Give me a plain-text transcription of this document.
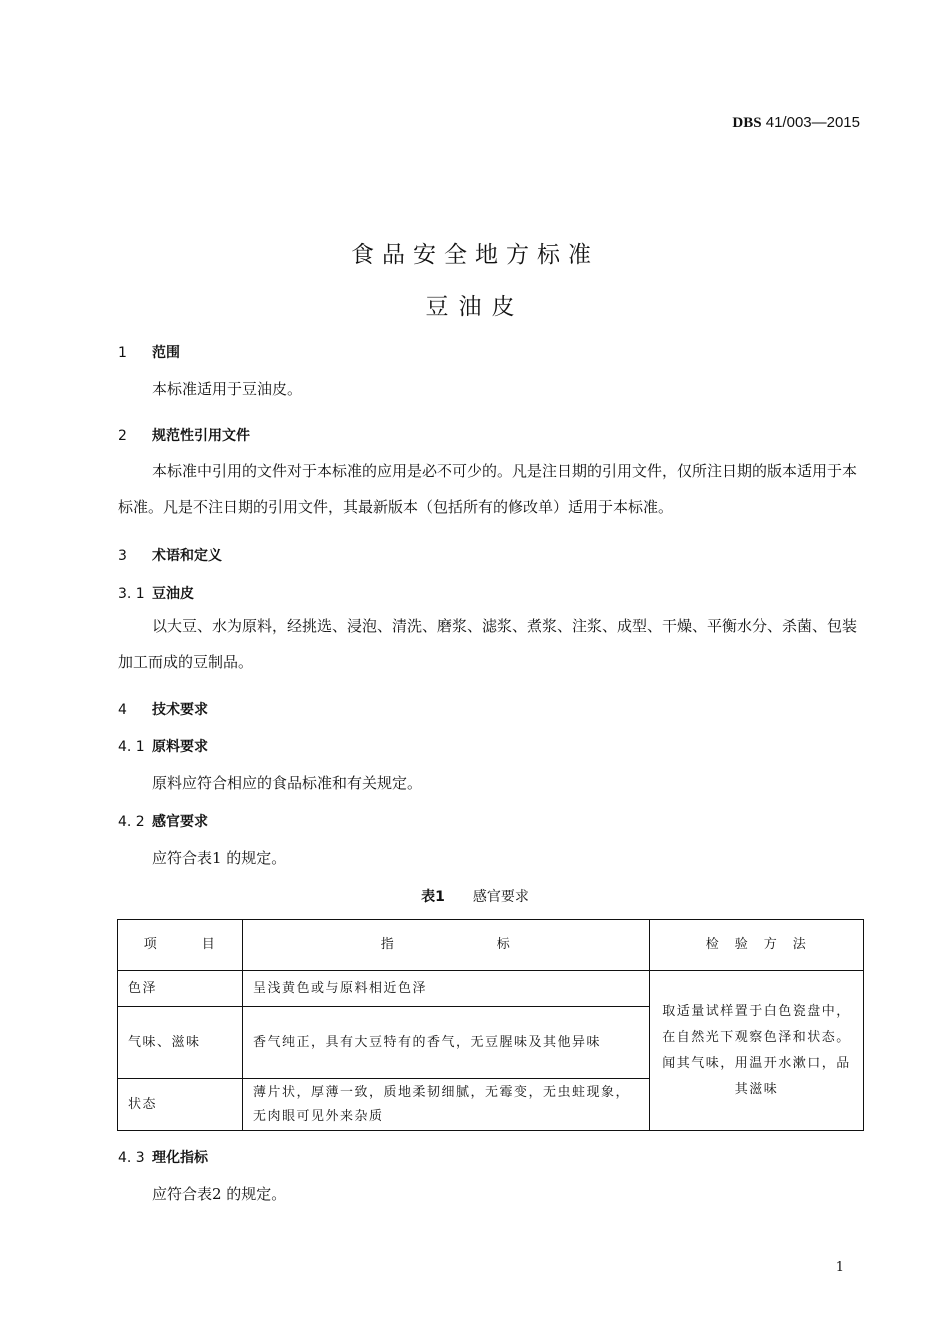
DBS 41/003—2015
食品安全地方标准
豆油皮
1 范围
本标准适用于豆油皮。
2 规范性引用文件
本标准中引用的文件对于本标准的应用是必不可少的。凡是注日期的引用文件，仅所注日期的版本适用于本标准。凡是不注日期的引用文件，其最新版本（包括所有的修改单）适用于本标准。
3 术语和定义
3. 1 豆油皮
以大豆、水为原料，经挑选、浸泡、清洗、磨浆、滤浆、煮浆、注浆、成型、干燥、平衡水分、杀菌、包装加工而成的豆制品。
4 技术要求
4. 1 原料要求
原料应符合相应的食品标准和有关规定。
4. 2 感官要求
应符合表1 的规定。
表1　　 感官要求
项　　　目	指　　　　　　　标	检　验　方　法
色泽	呈浅黄色或与原料相近色泽	取适量试样置于白色瓷盘中，在自然光下观察色泽和状态。闻其气味，用温开水漱口，品其滋味
气味、滋味	香气纯正，具有大豆特有的香气，无豆腥味及其他异味	
状态	薄片状，厚薄一致，质地柔韧细腻，无霉变，无虫蛀现象，无肉眼可见外来杂质	
4. 3 理化指标
应符合表2 的规定。
1
